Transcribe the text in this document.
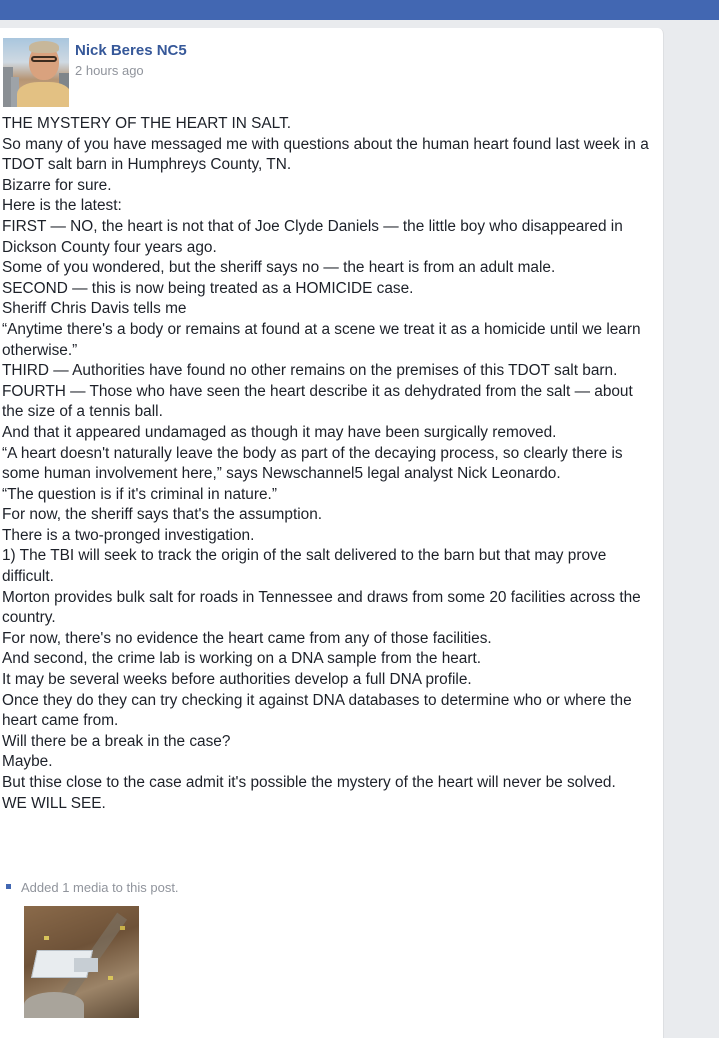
Nick Beres NC5
2 hours ago

THE MYSTERY OF THE HEART IN SALT.

So many of you have messaged me with questions about the human heart found last week in a TDOT salt barn in Humphreys County, TN.

Bizarre for sure.

Here is the latest:

FIRST — NO, the heart is not that of Joe Clyde Daniels — the little boy who disappeared in Dickson County four years ago.

Some of you wondered, but the sheriff says no — the heart is from an adult male.

SECOND — this is now being treated as a HOMICIDE case.

Sheriff Chris Davis tells me

“Anytime there's a body or remains at found at a scene we treat it as a homicide until we learn otherwise.”

THIRD — Authorities have found no other remains on the premises of this TDOT salt barn.

FOURTH — Those who have seen the heart describe it as dehydrated from the salt — about the size of a tennis ball.

And that it appeared undamaged as though it may have been surgically removed.

“A heart doesn't naturally leave the body as part of the decaying process, so clearly there is some human involvement here,” says Newschannel5 legal analyst Nick Leonardo.

“The question is if it's criminal in nature.”

For now, the sheriff says that's the assumption.

There is a two-pronged investigation.

1) The TBI will seek to track the origin of the salt delivered to the barn but that may prove difficult.

Morton provides bulk salt for roads in Tennessee and draws from some 20 facilities across the country.

For now, there's no evidence the heart came from any of those facilities.

And second, the crime lab is working on a DNA sample from the heart.

It may be several weeks before authorities develop a full DNA profile.

Once they do they can try checking it against DNA databases to determine who or where the heart came from.

Will there be a break in the case?

Maybe.

But thise close to the case admit it's possible the mystery of the heart will never be solved.

WE WILL SEE.

Added 1 media to this post.
